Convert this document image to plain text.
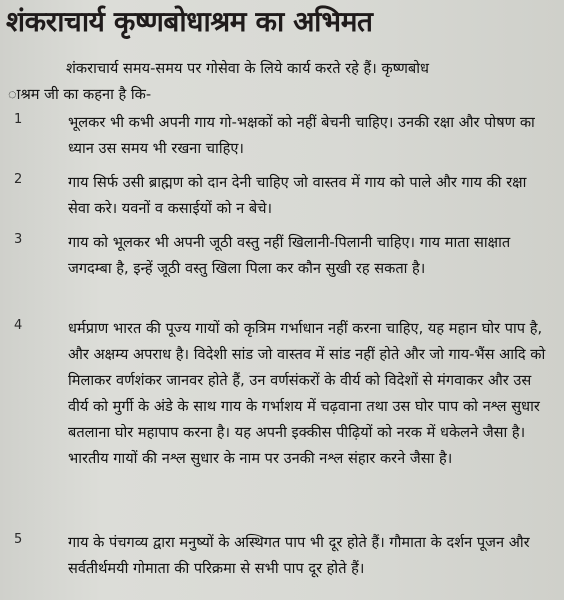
शंकराचार्य कृष्णबोधाश्रम का अभिमत
शंकराचार्य समय-समय पर गोसेवा के लिये कार्य करते रहे हैं। कृष्णबोध
ाश्रम जी का कहना है कि-
1	भूलकर भी कभी अपनी गाय गो-भक्षकों को नहीं बेचनी चाहिए। उनकी रक्षा और पोषण का ध्यान उस समय भी रखना चाहिए।
2	गाय सिर्फ उसी ब्राह्मण को दान देनी चाहिए जो वास्तव में गाय को पाले और गाय की रक्षा सेवा करे। यवनों व कसाईयों को न बेचे।
3	गाय को भूलकर भी अपनी जूठी वस्तु नहीं खिलानी-पिलानी चाहिए। गाय माता साक्षात जगदम्बा है, इन्हें जूठी वस्तु खिला पिला कर कौन सुखी रह सकता है।
4	धर्मप्राण भारत की पूज्य गायों को कृत्रिम गर्भाधान नहीं करना चाहिए, यह महान घोर पाप है, और अक्षम्य अपराध है। विदेशी सांड जो वास्तव में सांड नहीं होते और जो गाय-भैंस आदि को मिलाकर वर्णशंकर जानवर होते हैं, उन वर्णसंकरों के वीर्य को विदेशों से मंगवाकर और उस वीर्य को मुर्गी के अंडे के साथ गाय के गर्भाशय में चढ़वाना तथा उस घोर पाप को नश्ल सुधार बतलाना घोर महापाप करना है। यह अपनी इक्कीस पीढ़ियों को नरक में धकेलने जैसा है। भारतीय गायों की नश्ल सुधार के नाम पर उनकी नश्ल संहार करने जैसा है।
5	गाय के पंचगव्य द्वारा मनुष्यों के अस्थिगत पाप भी दूर होते हैं। गौमाता के दर्शन पूजन और सर्वतीर्थमयी गोमाता की परिक्रमा से सभी पाप दूर होते हैं।
